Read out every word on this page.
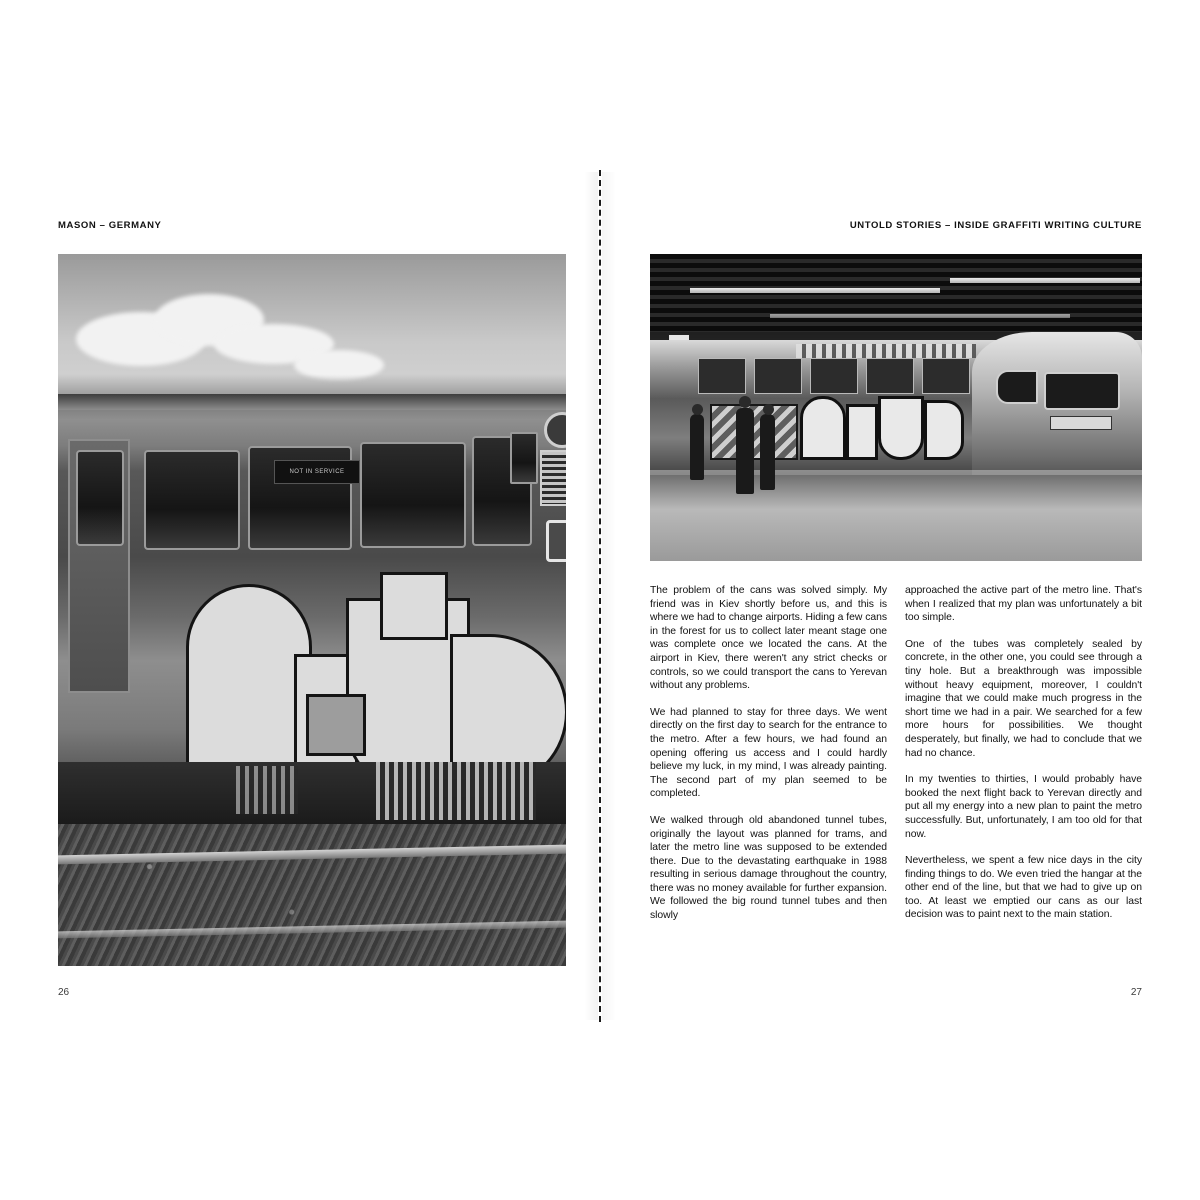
MASON – GERMANY
NOT IN SERVICE
26
UNTOLD STORIES – INSIDE GRAFFITI WRITING CULTURE

The problem of the cans was solved simply. My friend was in Kiev shortly before us, and this is where we had to change airports. Hiding a few cans in the forest for us to collect later meant stage one was complete once we located the cans. At the airport in Kiev, there weren't any strict checks or controls, so we could transport the cans to Yerevan without any problems.

We had planned to stay for three days. We went directly on the first day to search for the entrance to the metro. After a few hours, we had found an opening offering us access and I could hardly believe my luck, in my mind, I was already painting. The second part of my plan seemed to be completed.

We walked through old abandoned tunnel tubes, originally the layout was planned for trams, and later the metro line was supposed to be extended there. Due to the devastating earthquake in 1988 resulting in serious damage throughout the country, there was no money available for further expansion. We followed the big round tunnel tubes and then slowly

approached the active part of the metro line. That's when I realized that my plan was unfortunately a bit too simple.

One of the tubes was completely sealed by concrete, in the other one, you could see through a tiny hole. But a breakthrough was impossible without heavy equipment, moreover, I couldn't imagine that we could make much progress in the short time we had in a pair. We searched for a few more hours for possibilities. We thought desperately, but finally, we had to conclude that we had no chance.

In my twenties to thirties, I would probably have booked the next flight back to Yerevan directly and put all my energy into a new plan to paint the metro successfully. But, unfortunately, I am too old for that now.

Nevertheless, we spent a few nice days in the city finding things to do. We even tried the hangar at the other end of the line, but that we had to give up on too. At least we emptied our cans as our last decision was to paint next to the main station.

27
